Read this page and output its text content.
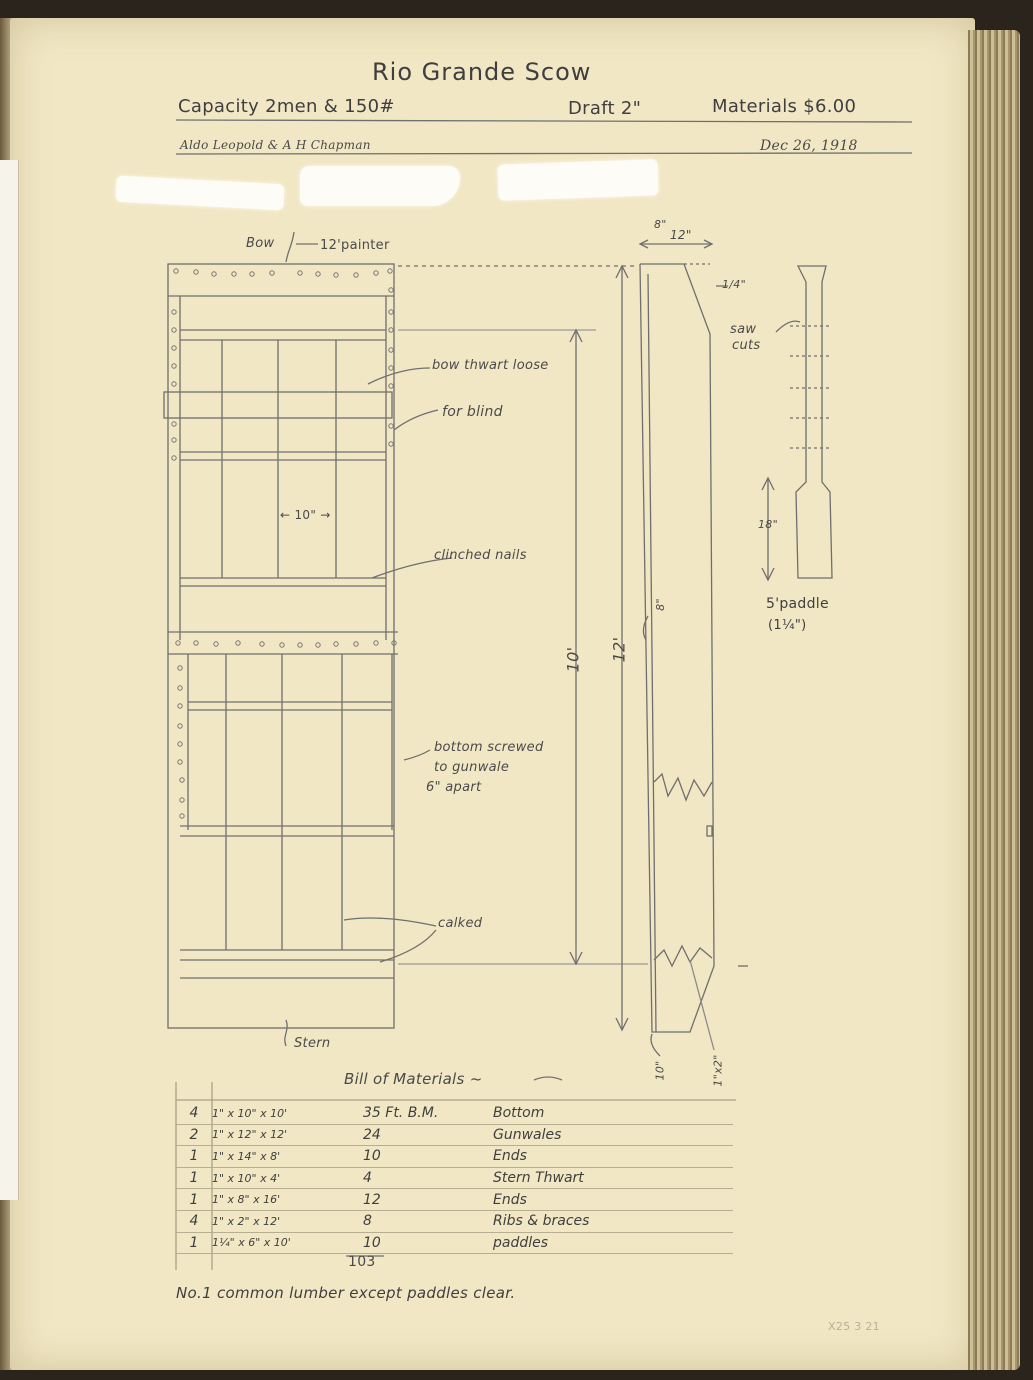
Rio Grande Scow
Capacity 2men & 150#	Draft 2"	Materials $6.00
Aldo Leopold & A H Chapman	Dec 26, 1918
Bow	12'painter
bow thwart loose
for blind
← 10" →
clinched nails
bottom screwed
to gunwale
6" apart
calked
Stern
8"
12"
1/4"
10' 12'
8"
10"	1"x2"
saw
cuts
18"
5'paddle
(1¼")
Bill of Materials ~
4	1" x 10" x 10'	35 Ft. B.M.	Bottom
2	1" x 12" x 12'	24	Gunwales
1	1" x 14" x 8'	10	Ends
1	1" x 10" x 4'	4	Stern Thwart
1	1" x 8" x 16'	12	Ends
4	1" x 2" x 12'	8	Ribs & braces
1	1¼" x 6" x 10'	10	paddles
103
No.1 common lumber except paddles clear.
X25 3 21
